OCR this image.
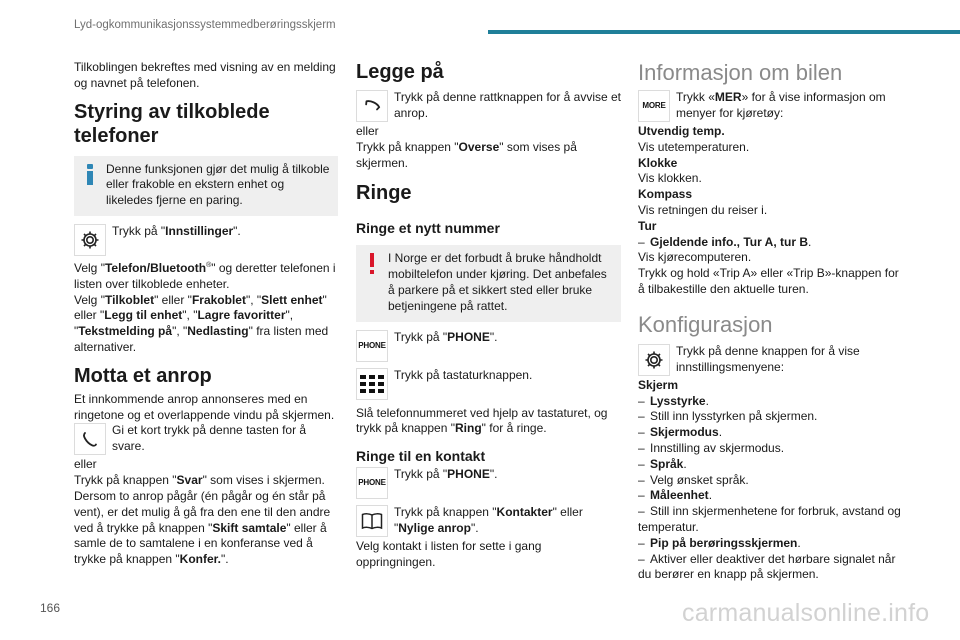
Lyd-ogkommunikasjonssystemmedberøringsskjerm

Tilkoblingen bekreftes med visning av en melding og navnet på telefonen.

Styring av tilkoblede telefoner

Denne funksjonen gjør det mulig å tilkoble eller frakoble en ekstern enhet og likeledes fjerne en paring.

Trykk på "Innstillinger".

Velg "Telefon/Bluetooth®" og deretter telefonen i listen over tilkoblede enheter.
Velg "Tilkoblet" eller "Frakoblet", "Slett enhet" eller "Legg til enhet", "Lagre favoritter", "Tekstmelding på", "Nedlasting" fra listen med alternativer.

Motta et anrop

Et innkommende anrop annonseres med en ringetone og et overlappende vindu på skjermen.

Gi et kort trykk på denne tasten for å svare.

eller

Trykk på knappen "Svar" som vises i skjermen.

Dersom to anrop pågår (én pågår og én står på vent), er det mulig å gå fra den ene til den andre ved å trykke på knappen "Skift samtale" eller å samle de to samtalene i en konferanse ved å trykke på knappen "Konfer.".

Legge på

Trykk på denne rattknappen for å avvise et anrop.

eller

Trykk på knappen "Overse" som vises på skjermen.

Ringe
Ringe et nytt nummer

I Norge er det forbudt å bruke håndholdt mobiltelefon under kjøring. Det anbefales å parkere på et sikkert sted eller bruke betjeningene på rattet.

PHONE

Trykk på "PHONE".

Trykk på tastaturknappen.

Slå telefonnummeret ved hjelp av tastaturet, og trykk på knappen "Ring" for å ringe.

Ringe til en kontakt
PHONE

Trykk på "PHONE".

Trykk på knappen "Kontakter" eller "Nylige anrop".

Velg kontakt i listen for sette i gang oppringningen.

Informasjon om bilen
MORE

Trykk «MER» for å vise informasjon om menyer for kjøretøy:

Utvendig temp.

Vis utetemperaturen.

Klokke

Vis klokken.

Kompass

Vis retningen du reiser i.

Tur

– Gjeldende info., Tur A, tur B.

Vis kjørecomputeren.

Trykk og hold «Trip A» eller «Trip B»-knappen for å tilbakestille den aktuelle turen.

Konfigurasjon

Trykk på denne knappen for å vise innstillingsmenyene:

Skjerm

– Lysstyrke.

– Still inn lysstyrken på skjermen.

– Skjermodus.

– Innstilling av skjermodus.

– Språk.

– Velg ønsket språk.

– Måleenhet.

– Still inn skjermenhetene for forbruk, avstand og temperatur.

– Pip på berøringsskjermen.

– Aktiver eller deaktiver det hørbare signalet når du berører en knapp på skjermen.

166	carmanualsonline.info
